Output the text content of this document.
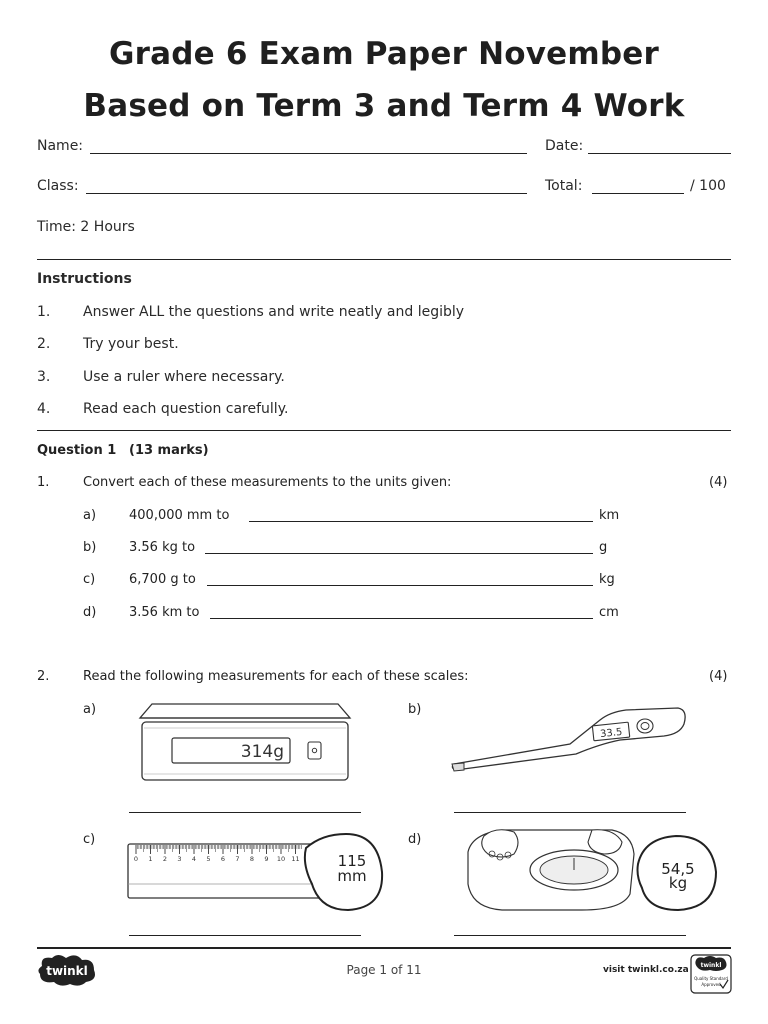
Grade 6 Exam Paper November
Based on Term 3 and Term 4 Work
Name:	Date:
Class:	Total:	/ 100
Time: 2 Hours
Instructions
1. Answer ALL the questions and write neatly and legibly
2. Try your best.
3. Use a ruler where necessary.
4. Read each question carefully.
Question 1 (13 marks)
1.	Convert each of these measurements to the units given:	(4)
a)	400,000 mm to	km
b)	3.56 kg to	g
c)	6,700 g to	kg
d)	3.56 km to	cm
2.	Read the following measurements for each of these scales:	(4)
a)
314g
b)
33.5
c)
0 1 2 3 4 5 6 7 8 9 10 11	115
mm
d)
54,5
kg
twinkl	Page 1 of 11	visit twinkl.co.za twinkl
Quality Standard
Approved
